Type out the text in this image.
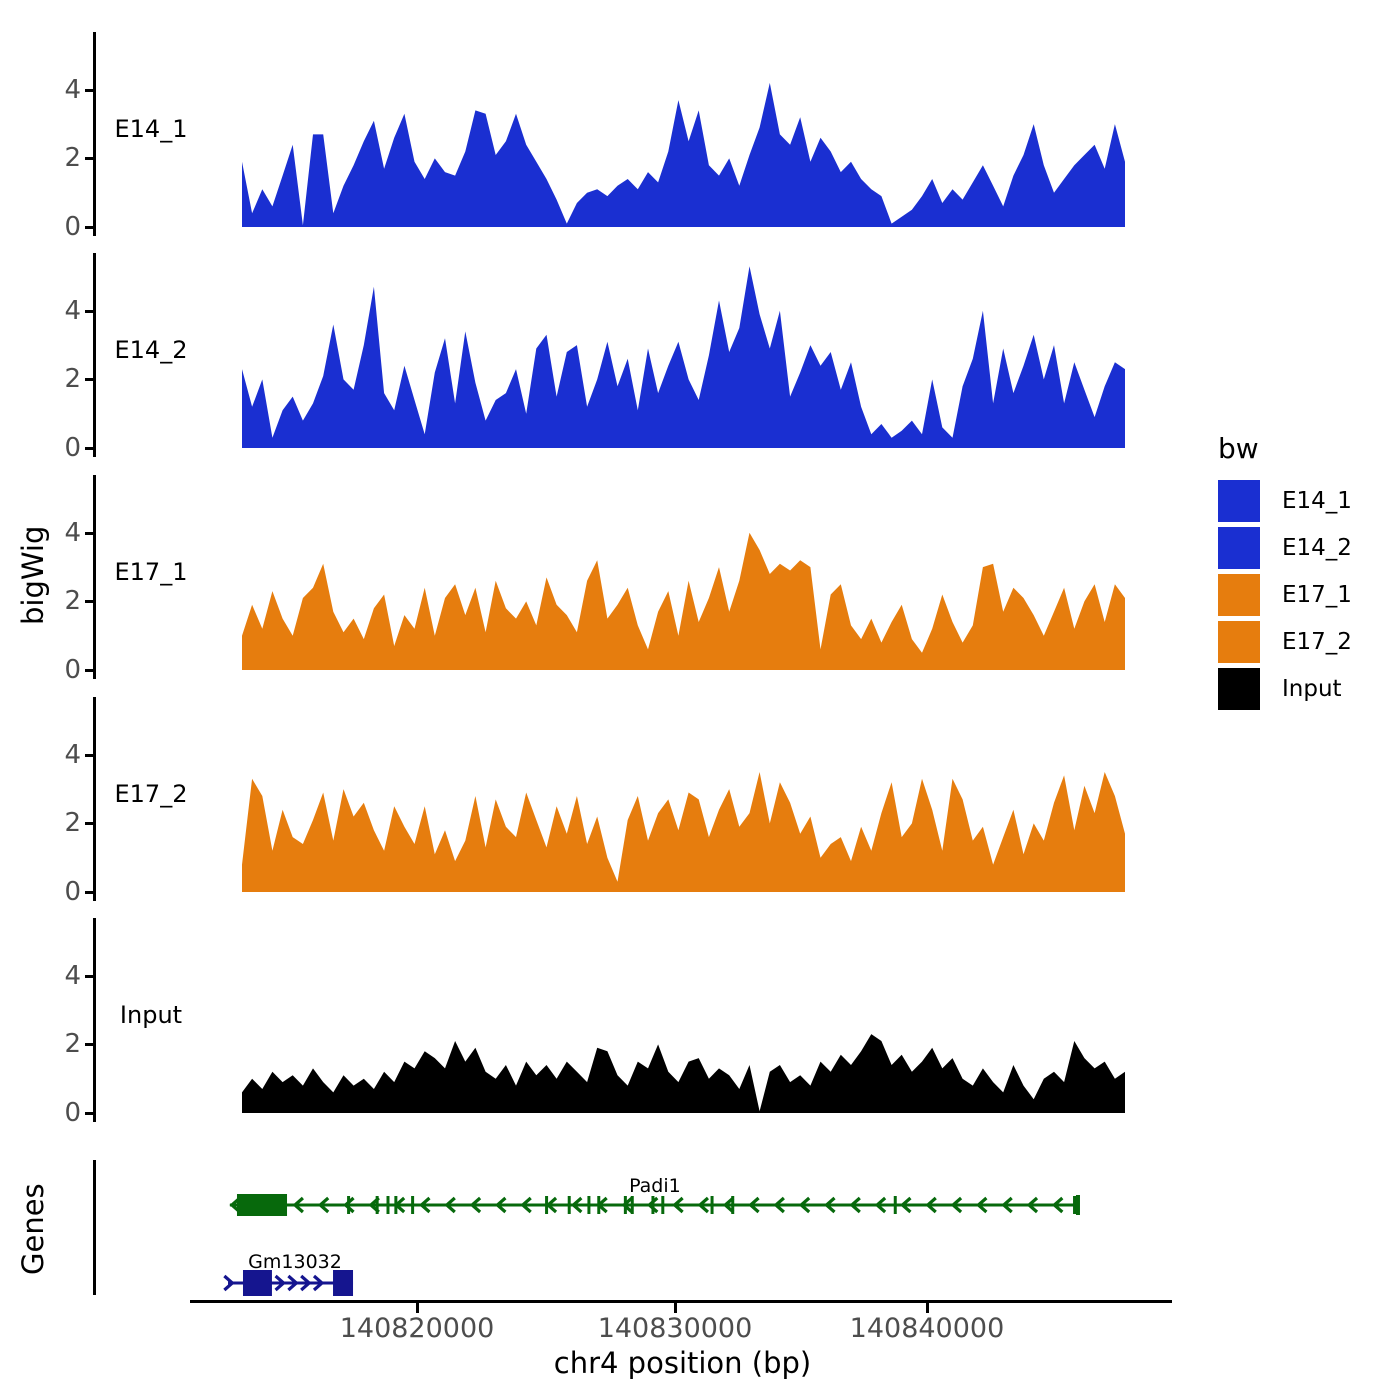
bigWig
Genes
0
2
4
E14_1
0
2
4
E14_2
0
2
4
E17_1
0
2
4
E17_2
0
2
4
Input
Padi1
Gm13032
140820000	140830000	140840000
chr4 position (bp)
bw
E14_1
E14_2
E17_1
E17_2
Input
